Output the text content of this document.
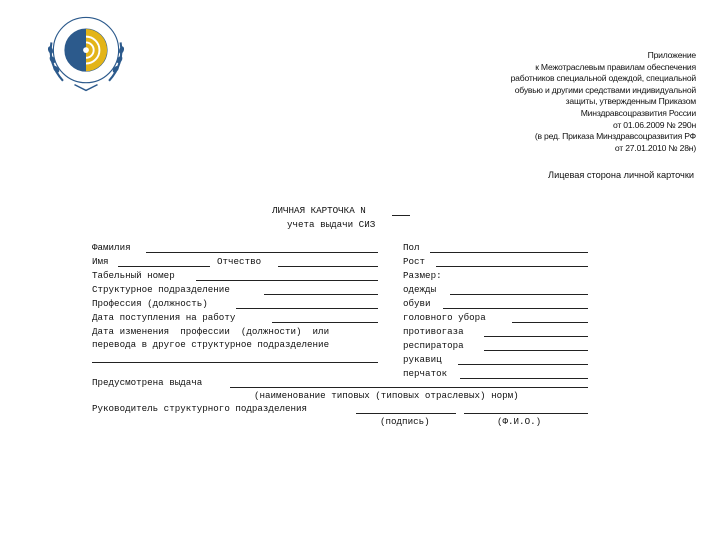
Приложение
к Межотраслевым правилам обеспечения
работников специальной одеждой, специальной
обувью и другими средствами индивидуальной
защиты, утвержденным Приказом
Минздравсоцразвития России
от 01.06.2009 № 290н
(в ред. Приказа Минздравсоцразвития РФ
от 27.01.2010 № 28н)
Лицевая сторона личной карточки
ЛИЧНАЯ КАРТОЧКА N
учета выдачи СИЗ
Фамилия
Имя	Отчество
Табельный номер
Структурное подразделение
Профессия (должность)
Дата поступления на работу
Дата изменения  профессии  (должности)  или
перевода в другое структурное подразделение
Пол
Рост
Размер:
одежды
обуви
головного убора
противогаза
респиратора
рукавиц
перчаток
Предусмотрена выдача
(наименование типовых (типовых отраслевых) норм)
Руководитель структурного подразделения
(подпись)	(Ф.И.О.)
